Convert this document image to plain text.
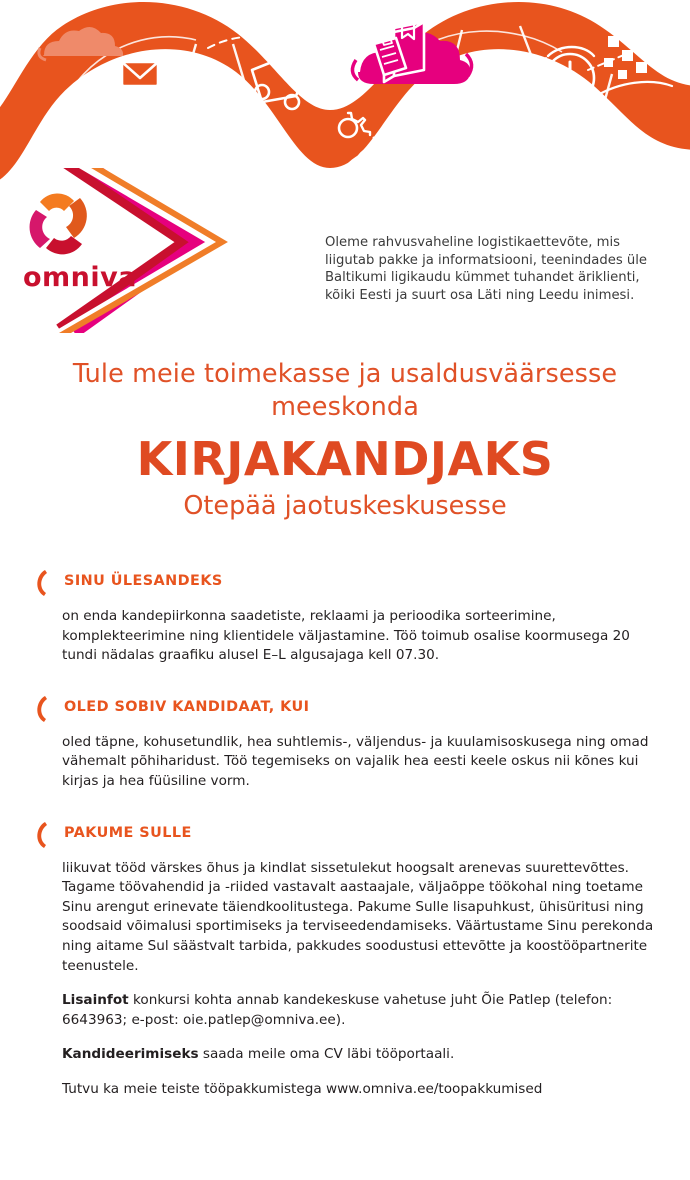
omniva
Oleme rahvusvaheline logistikaettevõte, mis liigutab pakke ja informatsiooni, teenindades üle Baltikumi ligikaudu kümmet tuhandet äriklienti, kõiki Eesti ja suurt osa Läti ning Leedu inimesi.
Tule meie toimekasse ja usaldusväärsesse meeskonda
KIRJAKANDJAKS
Otepää jaotuskeskusesse
SINU ÜLESANDEKS

on enda kandepiirkonna saadetiste, reklaami ja perioodika sorteerimine, komplekteerimine ning klientidele väljastamine. Töö toimub osalise koormusega 20 tundi nädalas graafiku alusel E–L algusajaga kell 07.30.

OLED SOBIV KANDIDAAT, KUI

oled täpne, kohusetundlik, hea suhtlemis-, väljendus- ja kuulamisoskusega ning omad vähemalt põhiharidust. Töö tegemiseks on vajalik hea eesti keele oskus nii kõnes kui kirjas ja hea füüsiline vorm.

PAKUME SULLE

liikuvat tööd värskes õhus ja kindlat sissetulekut hoogsalt arenevas suurettevõttes. Tagame töövahendid ja -riided vastavalt aastaajale, väljaõppe töökohal ning toetame Sinu arengut erinevate täiendkoolitustega. Pakume Sulle lisapuhkust, ühisüritusi ning soodsaid võimalusi sportimiseks ja terviseedendamiseks. Väärtustame Sinu perekonda ning aitame Sul säästvalt tarbida, pakkudes soodustusi ettevõtte ja koostööpartnerite teenustele.

Lisainfot konkursi kohta annab kandekeskuse vahetuse juht Õie Patlep (telefon: 6643963; e-post: oie.patlep@omniva.ee).

Kandideerimiseks saada meile oma CV läbi tööportaali.

Tutvu ka meie teiste tööpakkumistega www.omniva.ee/toopakkumised
